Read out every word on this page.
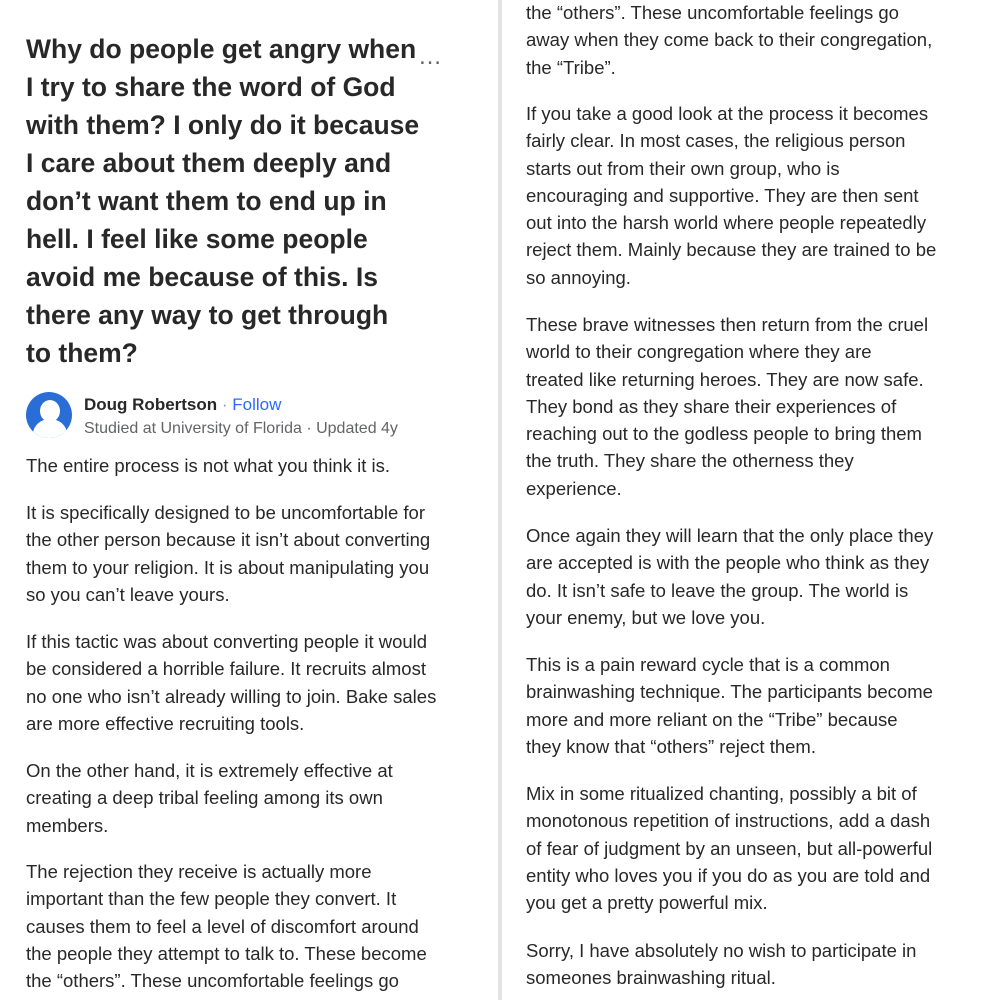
Why do people get angry when
I try to share the word of God
with them? I only do it because
I care about them deeply and
don’t want them to end up in
hell. I feel like some people
avoid me because of this. Is
there any way to get through
to them?
…
Doug Robertson · Follow
Studied at University of Florida · Updated 4y
The entire process is not what you think it is.
It is specifically designed to be uncomfortable for
the other person because it isn’t about converting
them to your religion. It is about manipulating you
so you can’t leave yours.
If this tactic was about converting people it would
be considered a horrible failure. It recruits almost
no one who isn’t already willing to join. Bake sales
are more effective recruiting tools.
On the other hand, it is extremely effective at
creating a deep tribal feeling among its own
members.
The rejection they receive is actually more
important than the few people they convert. It
causes them to feel a level of discomfort around
the people they attempt to talk to. These become
the “others”. These uncomfortable feelings go
the “others”. These uncomfortable feelings go
away when they come back to their congregation,
the “Tribe”.
If you take a good look at the process it becomes
fairly clear. In most cases, the religious person
starts out from their own group, who is
encouraging and supportive. They are then sent
out into the harsh world where people repeatedly
reject them. Mainly because they are trained to be
so annoying.
These brave witnesses then return from the cruel
world to their congregation where they are
treated like returning heroes. They are now safe.
They bond as they share their experiences of
reaching out to the godless people to bring them
the truth. They share the otherness they
experience.
Once again they will learn that the only place they
are accepted is with the people who think as they
do. It isn’t safe to leave the group. The world is
your enemy, but we love you.
This is a pain reward cycle that is a common
brainwashing technique. The participants become
more and more reliant on the “Tribe” because
they know that “others” reject them.
Mix in some ritualized chanting, possibly a bit of
monotonous repetition of instructions, add a dash
of fear of judgment by an unseen, but all-powerful
entity who loves you if you do as you are told and
you get a pretty powerful mix.
Sorry, I have absolutely no wish to participate in
someones brainwashing ritual.
